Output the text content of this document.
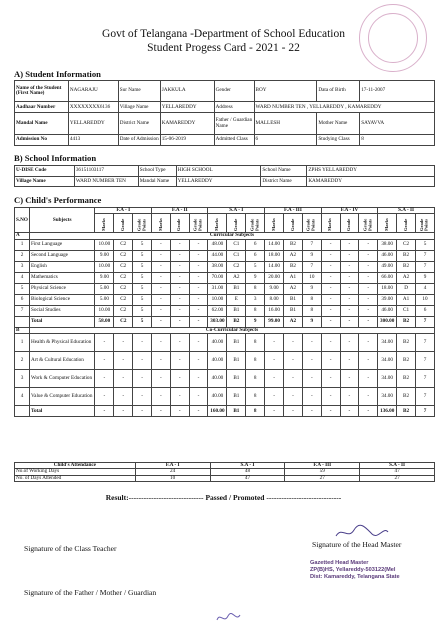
Govt of Telangana -Department of School Education
Student Progess Card - 2021 - 22
A) Student Information
Name of the Student (First Name)	NAGARAJU	Sur Name	JAKKULA	Gender	BOY	Data of Birth	17-11-2007
Aadhaar Number	XXXXXXXX6136	Village Name	YELLAREDDY	Address	WARD NUMBER TEN , YELLAREDDY , KAMAREDDY		
Mandal Name	YELLAREDDY	District Name	KAMAREDDY	Father / Guardian Name	MALLESH	Mother Name	SAYAVVA
Admission No	4413	Date of Admission	15-06-2019	Admitted Class	6	Studying Class	8
B) School Information
U-DISE Code	36151103117	School Type	HIGH SCHOOL	School Name	ZPHS YELLAREDDY
Village Name	WARD NUMBER TEN	Mandal Name	YELLAREDDY	District Name	KAMAREDDY
C) Child's Performance
S.NO	Subjects	F.A - I			F.A - II			S.A - I			F.A - III			F.A - IV			S.A - II		
		Marks	Grade	Grade Points	Marks	Grade	Grade Points	Marks	Grade	Grade Points	Marks	Grade	Grade Points	Marks	Grade	Grade Points	Marks	Grade	Grade Points
A	Curricular Subjects																		
1	First Language	10.00	C2	5	-	-	-	48.00	C1	6	14.00	B2	7	-	-	-	38.00	C2	5
2	Second Language	9.00	C2	5	-	-	-	44.00	C1	6	18.00	A2	9	-	-	-	46.00	B2	7
3	English	10.00	C2	5	-	-	-	38.00	C2	5	14.00	B2	7	-	-	-	49.00	B2	7
4	Mathematics	9.00	C2	5	-	-	-	70.00	A2	9	20.00	A1	10	-	-	-	66.00	A2	9
5	Physical Science	5.00	C2	5	-	-	-	31.00	B1	8	9.00	A2	9	-	-	-	18.00	D	4
6	Biological Science	5.00	C2	5	-	-	-	10.00	E	3	8.00	B1	8	-	-	-	39.00	A1	10
7	Social Studies	10.00	C2	5	-	-	-	62.00	B1	8	16.00	B1	8	-	-	-	46.00	C1	6
	Total	58.00	C2	5	-	-	-	303.00	B2	9	99.00	A2	9	-	-	-	300.00	B2	7
B	Co-Curricular Subjects																		
1	Health & Physical Education	-	-	-	-	-	-	40.00	B1	8	-	-	-	-	-	-	34.00	B2	7
2	Art & Cultural Education	-	-	-	-	-	-	40.00	B1	8	-	-	-	-	-	-	34.00	B2	7
3	Work & Computer Education	-	-	-	-	-	-	40.00	B1	8	-	-	-	-	-	-	34.00	B2	7
4	Value & Computer Education	-	-	-	-	-	-	40.00	B1	8	-	-	-	-	-	-	34.00	B2	7
	Total	-	-	-	-	-	-	160.00	B1	8	-	-	-	-	-	-	136.00	B2	7
Child's Attendance	F.A - I	S.A - I	F.A - III	S.A - II
No.of Working Days	24	48	59	47
No. of Days Attended	10	47	27	27
Result:------------------------------ Passed / Promoted ------------------------------
Signature of the Class Teacher	Signature of the Head Master
Signature of the Father / Mother / Guardian
Gazetted Head Master
ZP(B)HS, Yellareddy-503122(Mel
Dist: Kamareddy, Telangana State
